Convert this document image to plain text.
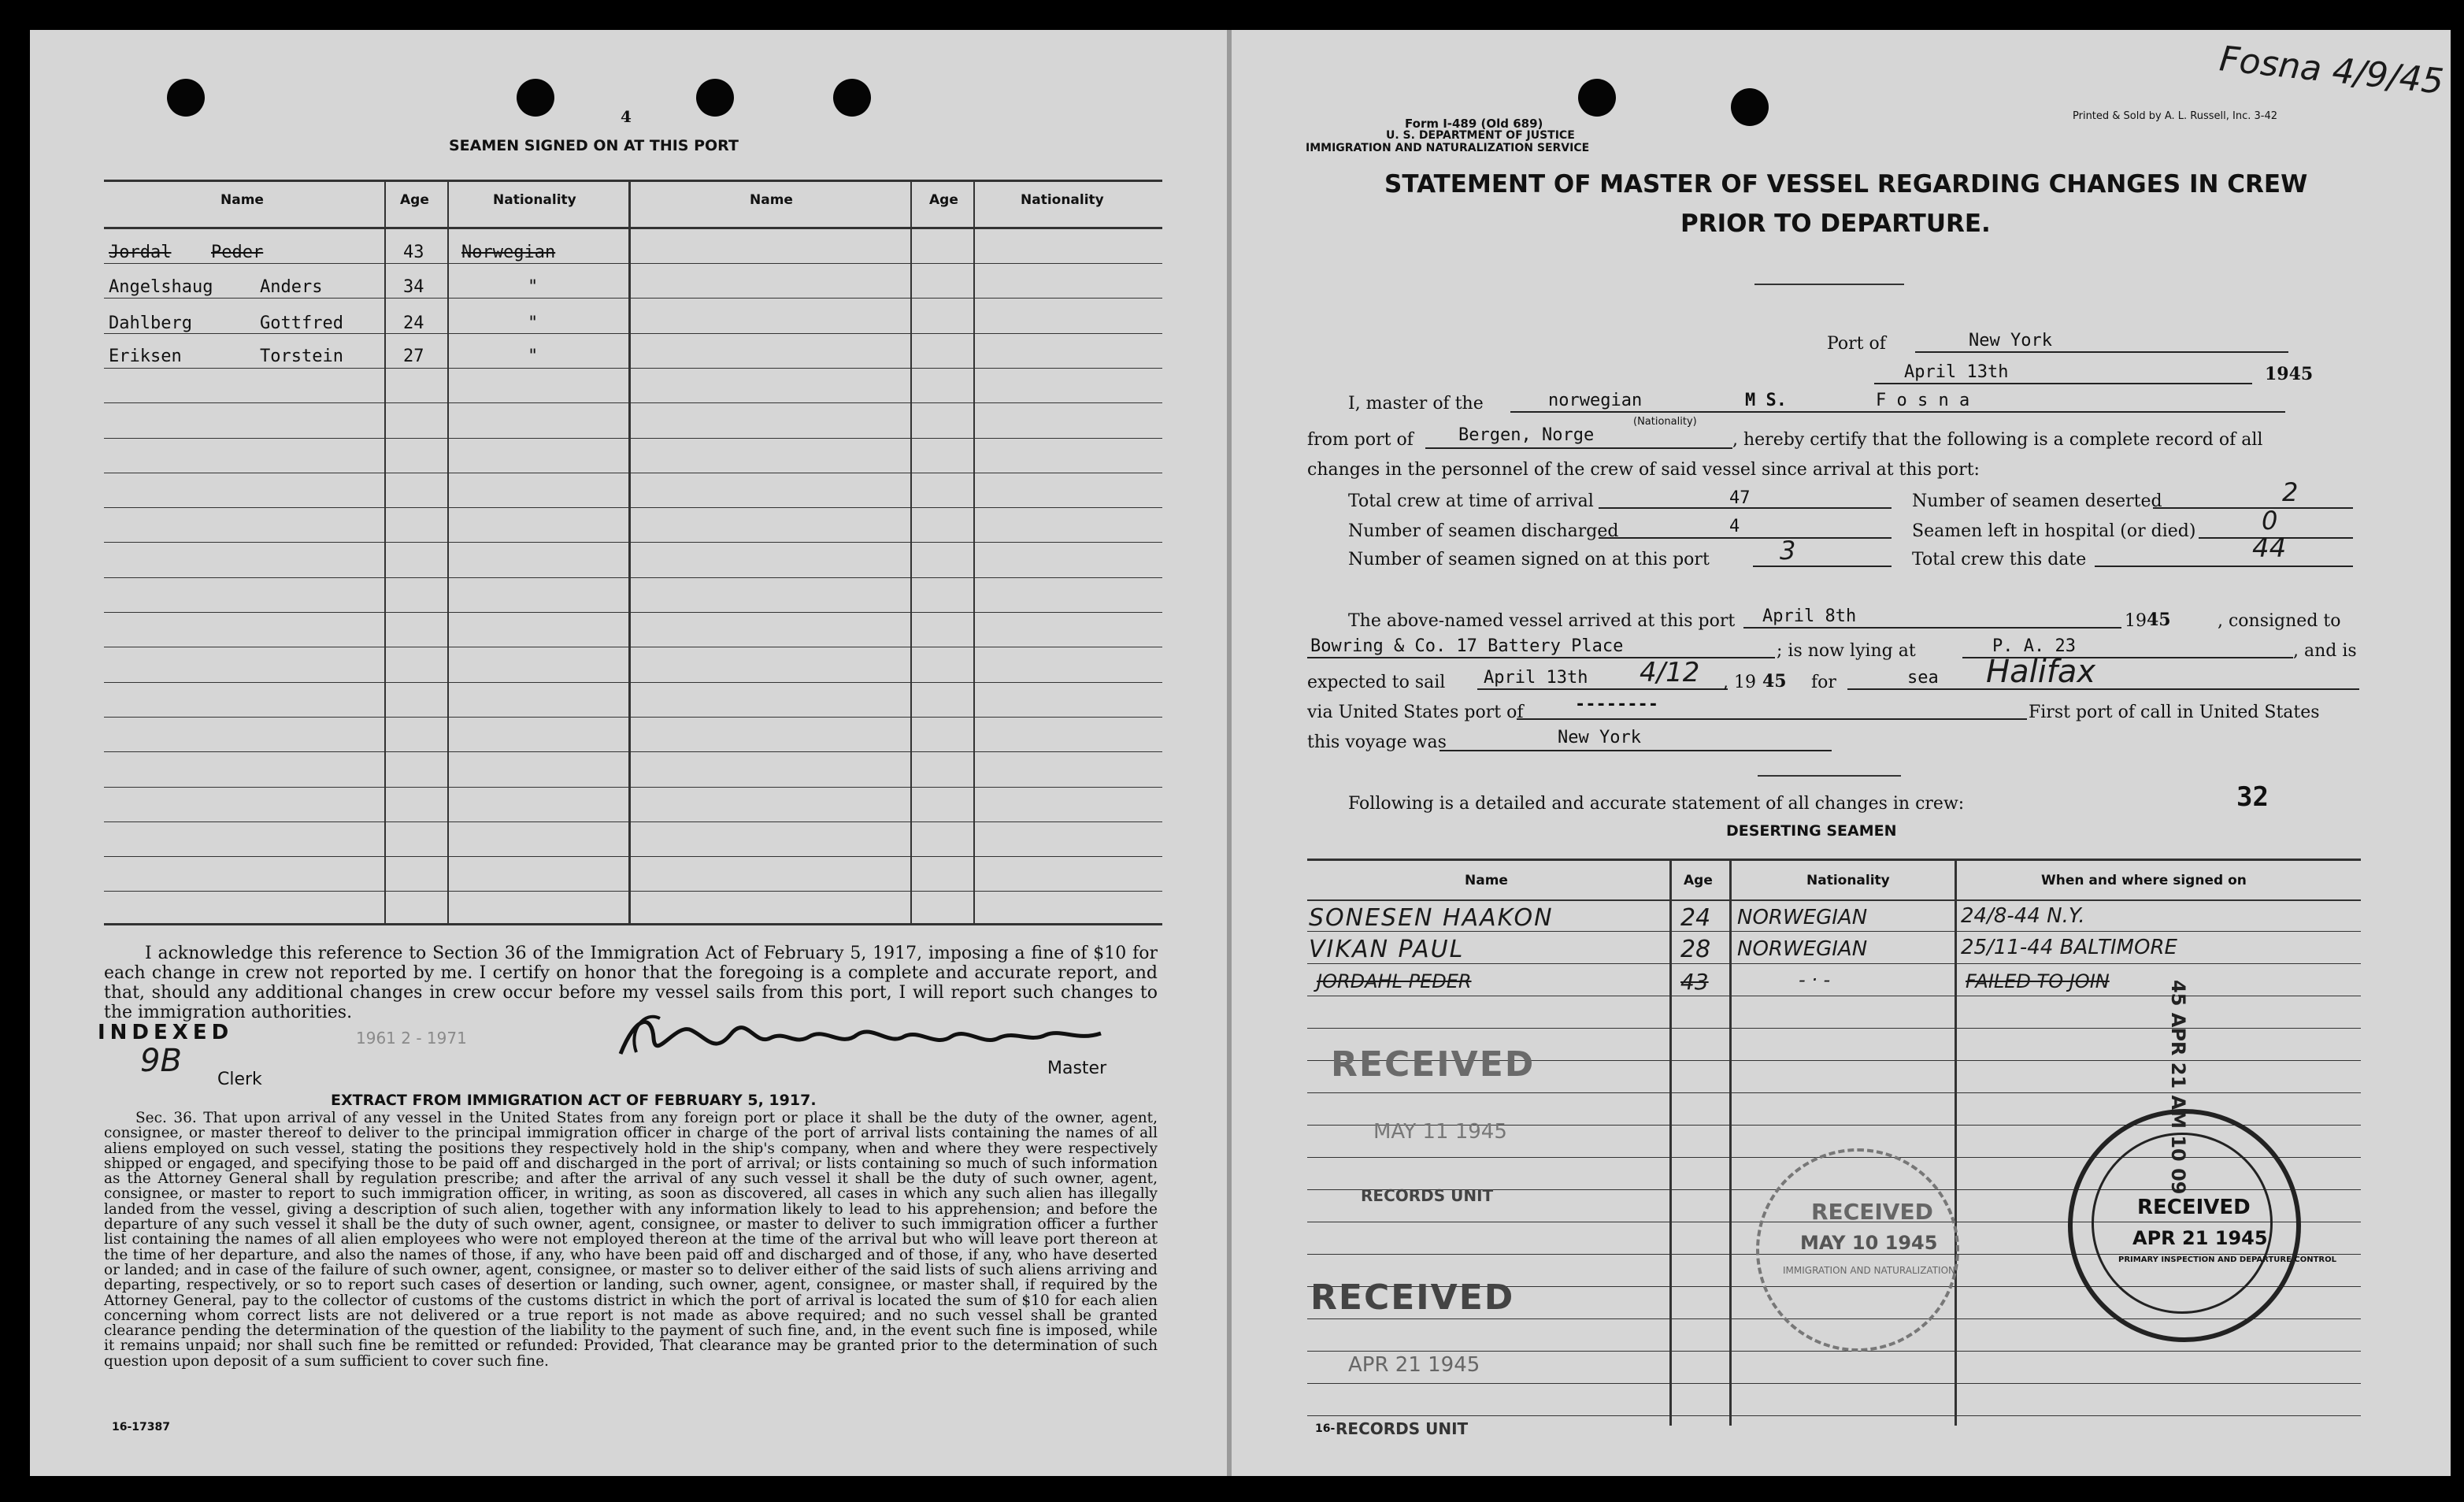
4
SEAMEN SIGNED ON AT THIS PORT
Name	Age	Nationality	Name	Age	Nationality
Jordal Peder	43 Norwegian
Angelshaug	Anders	34	"
Dahlberg	Gottfred	24	"
Eriksen	Torstein	27	"
I acknowledge this reference to Section 36 of the Immigration Act of February 5, 1917, imposing a fine of $10 for each change in crew not reported by me. I certify on honor that the foregoing is a complete and accurate report, and that, should any additional changes in crew occur before my vessel sails from this port, I will report such changes to the immigration authorities.
INDEXED
9B
Clerk
1961 2 - 1971
Master
EXTRACT FROM IMMIGRATION ACT OF FEBRUARY 5, 1917.
Sec. 36. That upon arrival of any vessel in the United States from any foreign port or place it shall be the duty of the owner, agent, consignee, or master thereof to deliver to the principal immigration officer in charge of the port of arrival lists containing the names of all aliens employed on such vessel, stating the positions they respectively hold in the ship's company, when and where they were respectively shipped or engaged, and specifying those to be paid off and discharged in the port of arrival; or lists containing so much of such information as the Attorney General shall by regulation prescribe; and after the arrival of any such vessel it shall be the duty of such owner, agent, consignee, or master to report to such immigration officer, in writing, as soon as discovered, all cases in which any such alien has illegally landed from the vessel, giving a description of such alien, together with any information likely to lead to his apprehension; and before the departure of any such vessel it shall be the duty of such owner, agent, consignee, or master to deliver to such immigration officer a further list containing the names of all alien employees who were not employed thereon at the time of the arrival but who will leave port thereon at the time of her departure, and also the names of those, if any, who have been paid off and discharged and of those, if any, who have deserted or landed; and in case of the failure of such owner, agent, consignee, or master so to deliver either of the said lists of such aliens arriving and departing, respectively, or so to report such cases of desertion or landing, such owner, agent, consignee, or master shall, if required by the Attorney General, pay to the collector of customs of the customs district in which the port of arrival is located the sum of $10 for each alien concerning whom correct lists are not delivered or a true report is not made as above required; and no such vessel shall be granted clearance pending the determination of the question of the liability to the payment of such fine, and, in the event such fine is imposed, while it remains unpaid; nor shall such fine be remitted or refunded: Provided, That clearance may be granted prior to the determination of such question upon deposit of a sum sufficient to cover such fine.
16-17387
Fosna 4/9/45
Form I-489 (Old 689)
U. S. DEPARTMENT OF JUSTICE
IMMIGRATION AND NATURALIZATION SERVICE
Printed & Sold by A. L. Russell, Inc. 3-42
STATEMENT OF MASTER OF VESSEL REGARDING CHANGES IN CREW
PRIOR TO DEPARTURE.
Port of	New York
April 13th	1945
I, master of the	norwegian	M S.	F o s n a
(Nationality)
from port of	Bergen, Norge	, hereby certify that the following is a complete record of all
changes in the personnel of the crew of said vessel since arrival at this port:
Total crew at time of arrival	47	Number of seamen deserted	2
Number of seamen discharged	4	Seamen left in hospital (or died)	0
Number of seamen signed on at this port	3	Total crew this date	44
The above-named vessel arrived at this port April 8th	19 45	, consigned to
Bowring & Co. 17 Battery Place	; is now lying at	P. A. 23	, and is
expected to sail April 13th 4/12 , 19 45 for	sea Halifax
via United States port of	--------	First port of call in United States
this voyage was	New York
Following is a detailed and accurate statement of all changes in crew:	32
DESERTING SEAMEN
Name	Age	Nationality	When and where signed on
SONESEN HAAKON	24 NORWEGIAN	24/8-44 N.Y.
VIKAN PAUL	28 NORWEGIAN	25/11-44 BALTIMORE
JORDAHL PEDER	43	- · -	FAILED TO JOIN
RECEIVED
MAY 11 1945
RECORDS UNIT
RECEIVED
APR 21 1945
RECEIVED
MAY 10 1945
IMMIGRATION AND NATURALIZATION
RECEIVED
APR 21 1945
PRIMARY INSPECTION AND DEPARTURE CONTROL
45 APR 21 AM 10 09
RECORDS UNIT
16-
